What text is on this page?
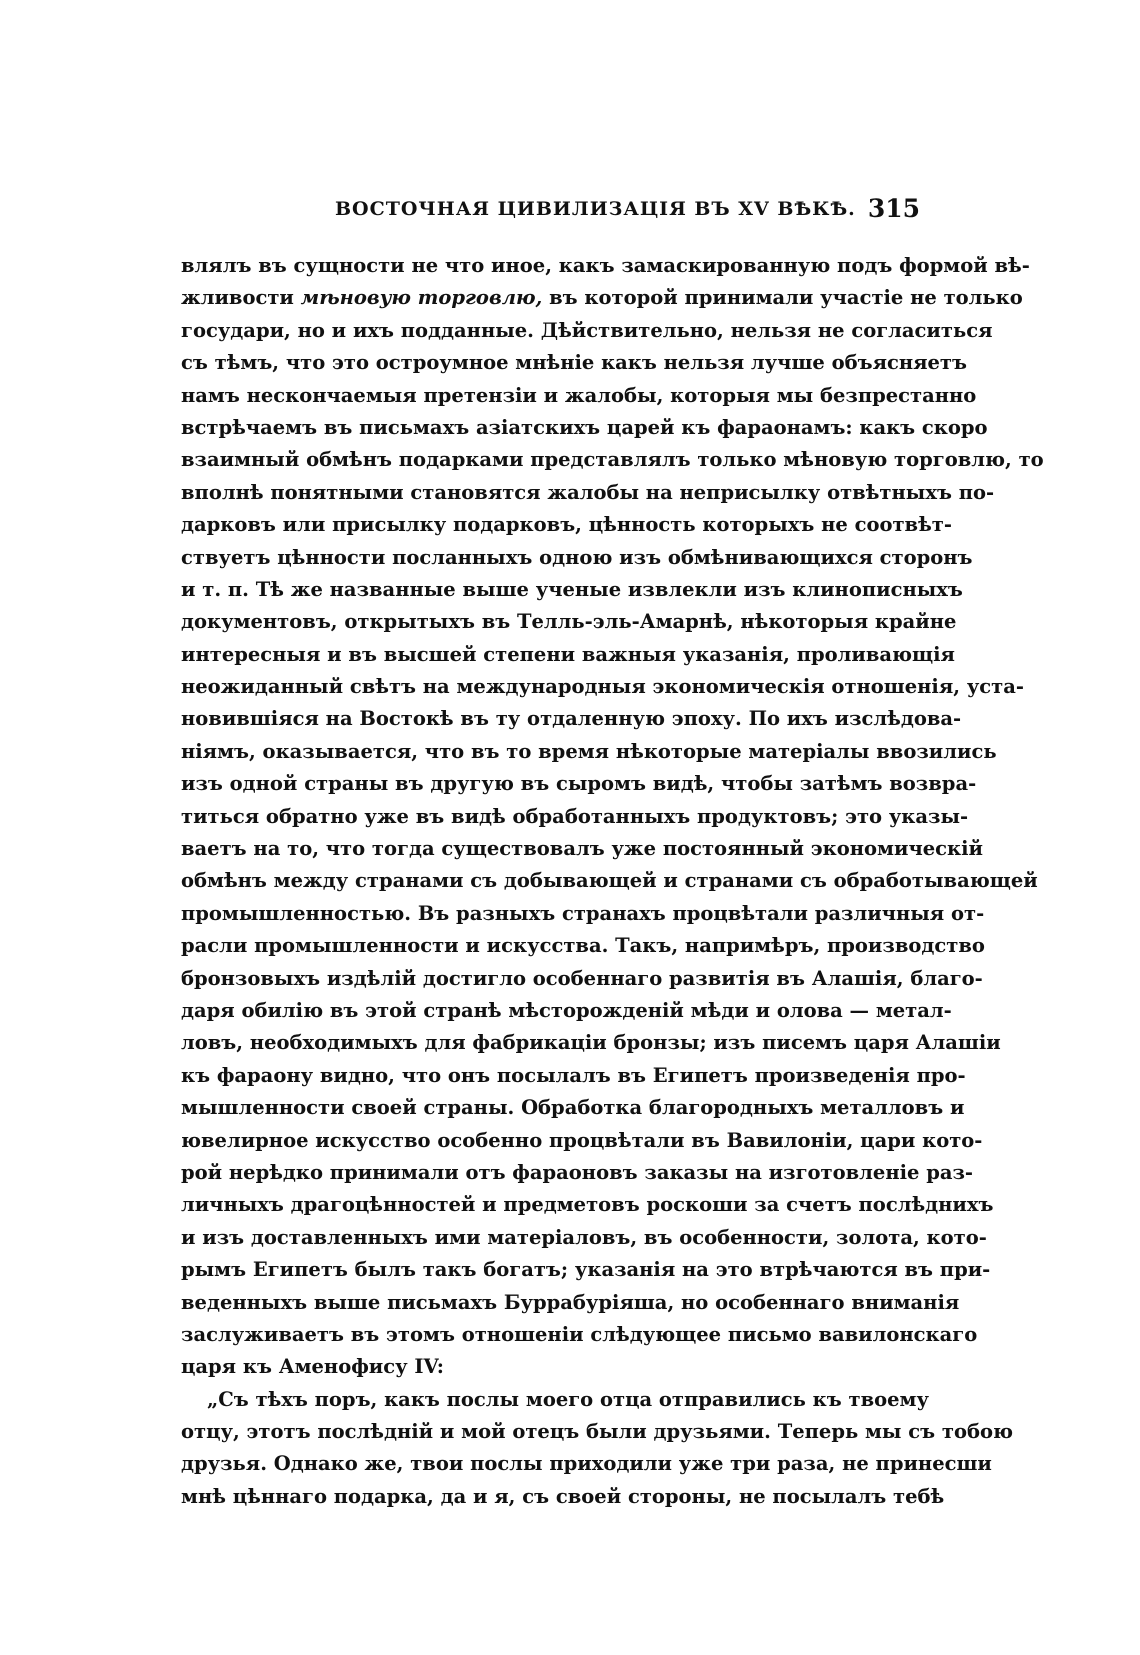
ВОСТОЧНАЯ ЦИВИЛИЗАЦІЯ ВЪ XV ВѢКѢ. 315
влялъ въ сущности не что иное, какъ замаскированную подъ формой вѣ-
жливости мѣновую торговлю, въ которой принимали участіе не только
государи, но и ихъ подданные. Дѣйствительно, нельзя не согласиться
съ тѣмъ, что это остроумное мнѣніе какъ нельзя лучше объясняетъ
намъ нескончаемыя претензіи и жалобы, которыя мы безпрестанно
встрѣчаемъ въ письмахъ азіатскихъ царей къ фараонамъ: какъ скоро
взаимный обмѣнъ подарками представлялъ только мѣновую торговлю, то
вполнѣ понятными становятся жалобы на неприсылку отвѣтныхъ по-
дарковъ или присылку подарковъ, цѣнность которыхъ не соотвѣт-
ствуетъ цѣнности посланныхъ одною изъ обмѣнивающихся сторонъ
и т. п. Тѣ же названные выше ученые извлекли изъ клинописныхъ
документовъ, открытыхъ въ Телль-эль-Амарнѣ, нѣкоторыя крайне
интересныя и въ высшей степени важныя указанія, проливающія
неожиданный свѣтъ на международныя экономическія отношенія, уста-
новившіяся на Востокѣ въ ту отдаленную эпоху. По ихъ изслѣдова-
ніямъ, оказывается, что въ то время нѣкоторые матеріалы ввозились
изъ одной страны въ другую въ сыромъ видѣ, чтобы затѣмъ возвра-
титься обратно уже въ видѣ обработанныхъ продуктовъ; это указы-
ваетъ на то, что тогда существовалъ уже постоянный экономическій
обмѣнъ между странами съ добывающей и странами съ обработывающей
промышленностью. Въ разныхъ странахъ процвѣтали различныя от-
расли промышленности и искусства. Такъ, напримѣръ, производство
бронзовыхъ издѣлій достигло особеннаго развитія въ Алашія, благо-
даря обилію въ этой странѣ мѣсторожденій мѣди и олова — метал-
ловъ, необходимыхъ для фабрикаціи бронзы; изъ писемъ царя Алашіи
къ фараону видно, что онъ посылалъ въ Египетъ произведенія про-
мышленности своей страны. Обработка благородныхъ металловъ и
ювелирное искусство особенно процвѣтали въ Вавилоніи, цари кото-
рой нерѣдко принимали отъ фараоновъ заказы на изготовленіе раз-
личныхъ драгоцѣнностей и предметовъ роскоши за счетъ послѣднихъ
и изъ доставленныхъ ими матеріаловъ, въ особенности, золота, кото-
рымъ Египетъ былъ такъ богатъ; указанія на это втрѣчаются въ при-
веденныхъ выше письмахъ Буррабуріяша, но особеннаго вниманія
заслуживаетъ въ этомъ отношеніи слѣдующее письмо вавилонскаго
царя къ Аменофису IV:
„Съ тѣхъ поръ, какъ послы моего отца отправились къ твоему
отцу, этотъ послѣдній и мой отецъ были друзьями. Теперь мы съ тобою
друзья. Однако же, твои послы приходили уже три раза, не принесши
мнѣ цѣннаго подарка, да и я, съ своей стороны, не посылалъ тебѣ
